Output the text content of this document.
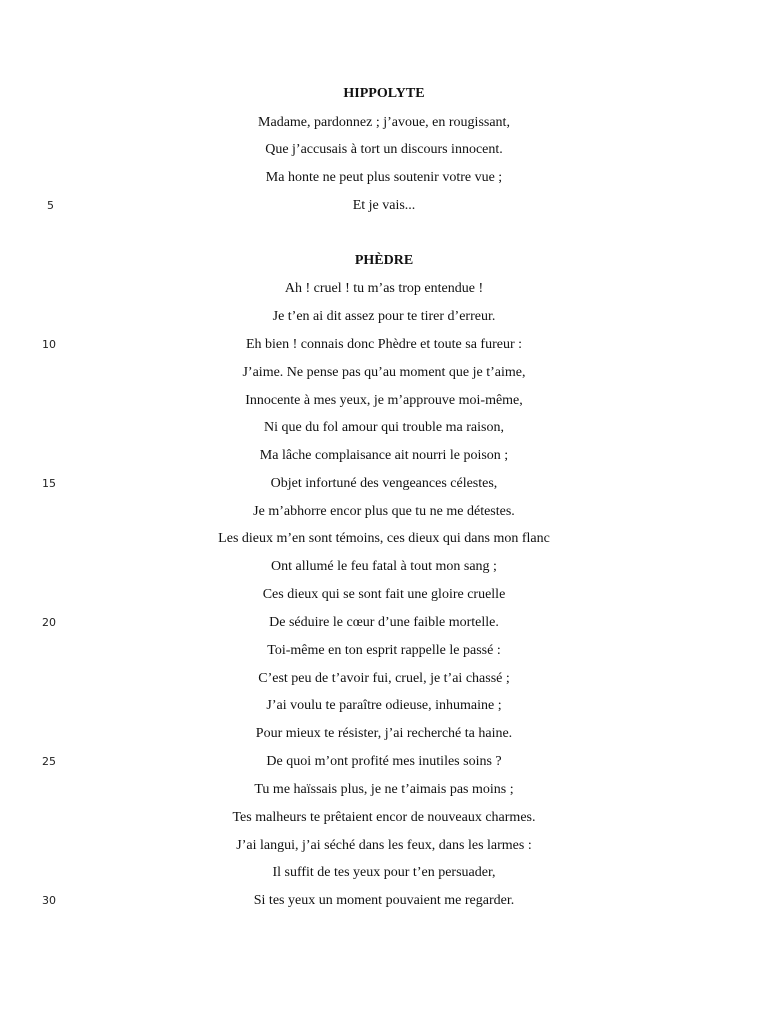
HIPPOLYTE
Madame, pardonnez ; j’avoue, en rougissant,
Que j’accusais à tort un discours innocent.
Ma honte ne peut plus soutenir votre vue ;
5	Et je vais...
PHÈDRE
Ah ! cruel ! tu m’as trop entendue !
Je t’en ai dit assez pour te tirer d’erreur.
10	Eh bien ! connais donc Phèdre et toute sa fureur :
J’aime. Ne pense pas qu’au moment que je t’aime,
Innocente à mes yeux, je m’approuve moi-même,
Ni que du fol amour qui trouble ma raison,
Ma lâche complaisance ait nourri le poison ;
15	Objet infortuné des vengeances célestes,
Je m’abhorre encor plus que tu ne me détestes.
Les dieux m’en sont témoins, ces dieux qui dans mon flanc
Ont allumé le feu fatal à tout mon sang ;
Ces dieux qui se sont fait une gloire cruelle
20	De séduire le cœur d’une faible mortelle.
Toi-même en ton esprit rappelle le passé :
C’est peu de t’avoir fui, cruel, je t’ai chassé ;
J’ai voulu te paraître odieuse, inhumaine ;
Pour mieux te résister, j’ai recherché ta haine.
25	De quoi m’ont profité mes inutiles soins ?
Tu me haïssais plus, je ne t’aimais pas moins ;
Tes malheurs te prêtaient encor de nouveaux charmes.
J’ai langui, j’ai séché dans les feux, dans les larmes :
Il suffit de tes yeux pour t’en persuader,
30	Si tes yeux un moment pouvaient me regarder.
